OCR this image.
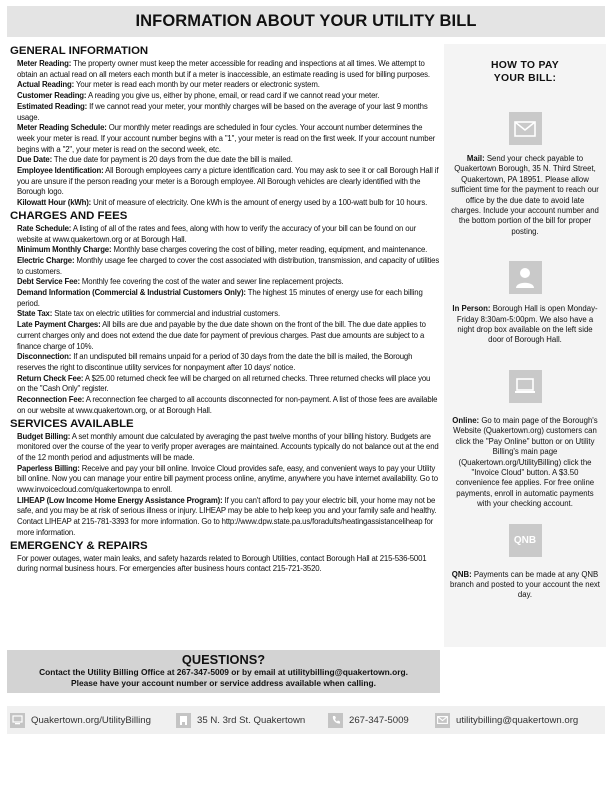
INFORMATION ABOUT YOUR UTILITY BILL
GENERAL INFORMATION
Meter Reading: The property owner must keep the meter accessible for reading and inspections at all times. We attempt to obtain an actual read on all meters each month but if a meter is inaccessible, an estimate reading is used for billing purposes.
Actual Reading: Your meter is read each month by our meter readers or electronic system.
Customer Reading: A reading you give us, either by phone, email, or read card if we cannot read your meter.
Estimated Reading: If we cannot read your meter, your monthly charges will be based on the average of your last 9 months usage.
Meter Reading Schedule: Our monthly meter readings are scheduled in four cycles. Your account number determines the week your meter is read. If your account number begins with a "1", your meter is read on the first week. If your account number begins with a "2", your meter is read on the second week, etc.
Due Date: The due date for payment is 20 days from the due date the bill is mailed.
Employee Identification: All Borough employees carry a picture identification card. You may ask to see it or call Borough Hall if you are unsure if the person reading your meter is a Borough employee. All Borough vehicles are clearly identified with the Borough logo.
Kilowatt Hour (kWh): Unit of measure of electricity. One kWh is the amount of energy used by a 100-watt bulb for 10 hours.
CHARGES AND FEES
Rate Schedule: A listing of all of the rates and fees, along with how to verify the accuracy of your bill can be found on our website at www.quakertown.org or at Borough Hall.
Minimum Monthly Charge: Monthly base charges covering the cost of billing, meter reading, equipment, and maintenance.
Electric Charge: Monthly usage fee charged to cover the cost associated with distribution, transmission, and capacity of utilities to customers.
Debt Service Fee: Monthly fee covering the cost of the water and sewer line replacement projects.
Demand Information (Commercial & Industrial Customers Only): The highest 15 minutes of energy use for each billing period.
State Tax: State tax on electric utilities for commercial and industrial customers.
Late Payment Charges: All bills are due and payable by the due date shown on the front of the bill. The due date applies to current charges only and does not extend the due date for payment of previous charges. Past due amounts are subject to a finance charge of 10%.
Disconnection: If an undisputed bill remains unpaid for a period of 30 days from the date the bill is mailed, the Borough reserves the right to discontinue utility services for nonpayment after 10 days' notice.
Return Check Fee: A $25.00 returned check fee will be charged on all returned checks. Three returned checks will place you on the "Cash Only" register.
Reconnection Fee: A reconnection fee charged to all accounts disconnected for non-payment. A list of those fees are available on our website at www.quakertown.org, or at Borough Hall.
SERVICES AVAILABLE
Budget Billing: A set monthly amount due calculated by averaging the past twelve months of your billing history. Budgets are monitored over the course of the year to verify proper averages are maintained. Accounts typically do not balance out at the end of the 12 month period and adjustments will be made.
Paperless Billing: Receive and pay your bill online. Invoice Cloud provides safe, easy, and convenient ways to pay your Utility bill online. Now you can manage your entire bill payment process online, anytime, anywhere you have internet availability. Go to www.invoicecloud.com/quakertownpa to enroll.
LIHEAP (Low Income Home Energy Assistance Program): If you can't afford to pay your electric bill, your home may not be safe, and you may be at risk of serious illness or injury. LIHEAP may be able to help keep you and your family safe and healthy. Contact LIHEAP at 215-781-3393 for more information. Go to http://www.dpw.state.pa.us/foradults/heatingassistanceliheap for more information.
EMERGENCY & REPAIRS
For power outages, water main leaks, and safety hazards related to Borough Utilities, contact Borough Hall at 215-536-5001 during normal business hours. For emergencies after business hours contact 215-721-3520.
HOW TO PAY
YOUR BILL:
Mail: Send your check payable to Quakertown Borough, 35 N. Third Street, Quakertown, PA 18951. Please allow sufficient time for the payment to reach our office by the due date to avoid late charges. Include your account number and the bottom portion of the bill for proper posting.
In Person: Borough Hall is open Monday-Friday 8:30am-5:00pm. We also have a night drop box available on the left side door of Borough Hall.
Online: Go to main page of the Borough's Website (Quakertown.org) customers can click the "Pay Online" button or on Utility Billing's main page (Quakertown.org/UtilityBilling) click the "Invoice Cloud" button. A $3.50 convenience fee applies. For free online payments, enroll in automatic payments with your checking account.
QNB
QNB: Payments can be made at any QNB branch and posted to your account the next day.
QUESTIONS?
Contact the Utility Billing Office at 267-347-5009 or by email at utilitybilling@quakertown.org.
Please have your account number or service address available when calling.
Quakertown.org/UtilityBilling	35 N. 3rd St. Quakertown	267-347-5009	utilitybilling@quakertown.org
